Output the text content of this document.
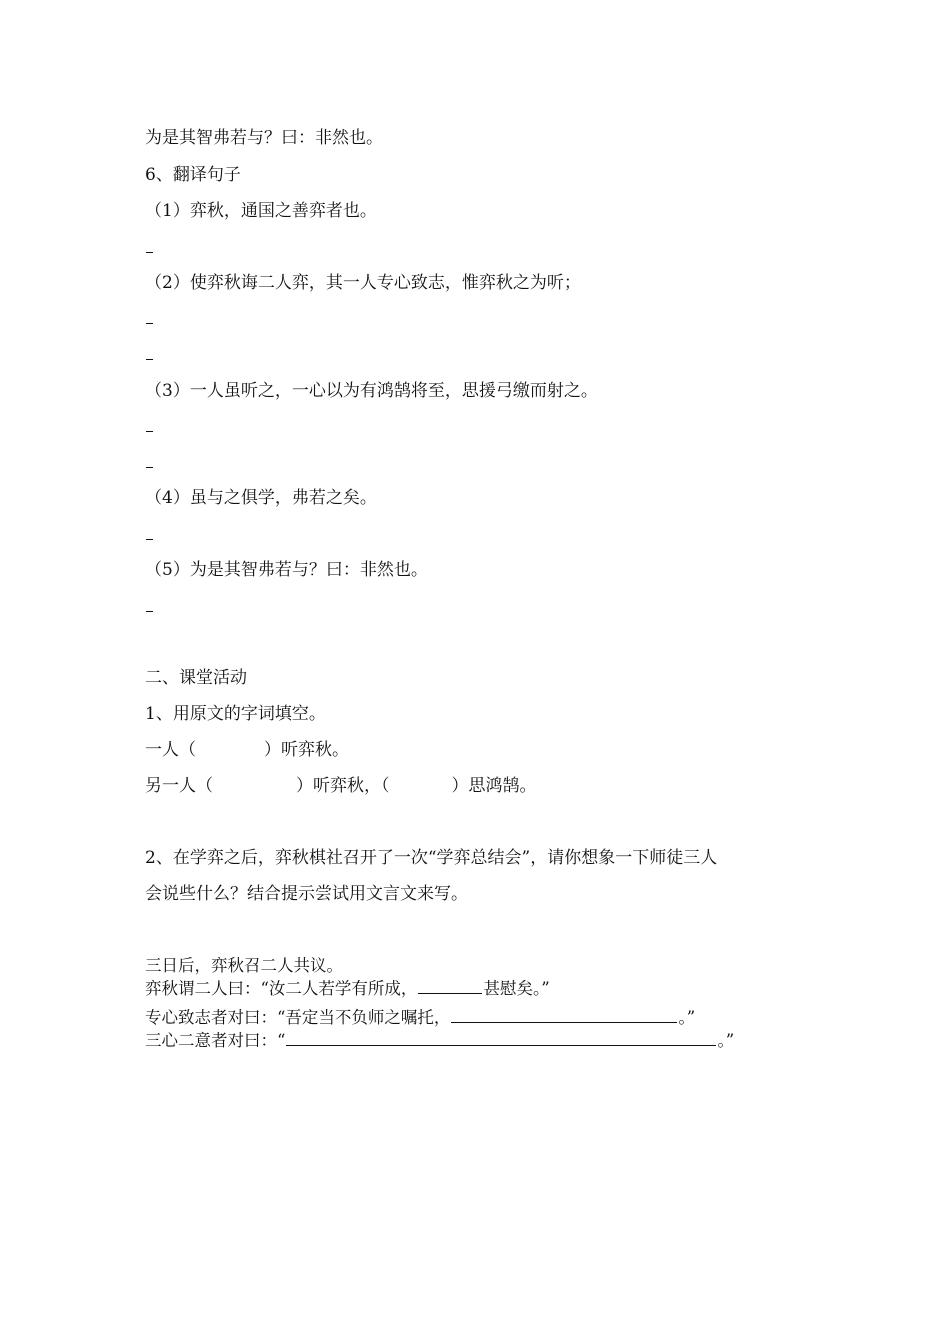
为是其智弗若与？曰：非然也。
6、翻译句子
（1）弈秋，通国之善弈者也。
（2）使弈秋诲二人弈，其一人专心致志，惟弈秋之为听；
（3）一人虽听之，一心以为有鸿鹄将至，思援弓缴而射之。
（4）虽与之俱学，弗若之矣。
（5）为是其智弗若与？曰：非然也。
二、课堂活动
1、用原文的字词填空。
一人（	）听弈秋。
另一人（	）听弈秋，（	）思鸿鹄。
2、在学弈之后，弈秋棋社召开了一次“学弈总结会”，请你想象一下师徒三人
会说些什么？结合提示尝试用文言文来写。
三日后，弈秋召二人共议。
弈秋谓二人曰：“汝二人若学有所成，	甚慰矣。”
专心致志者对曰：“吾定当不负师之嘱托，	。”
三心二意者对曰：“	。”
